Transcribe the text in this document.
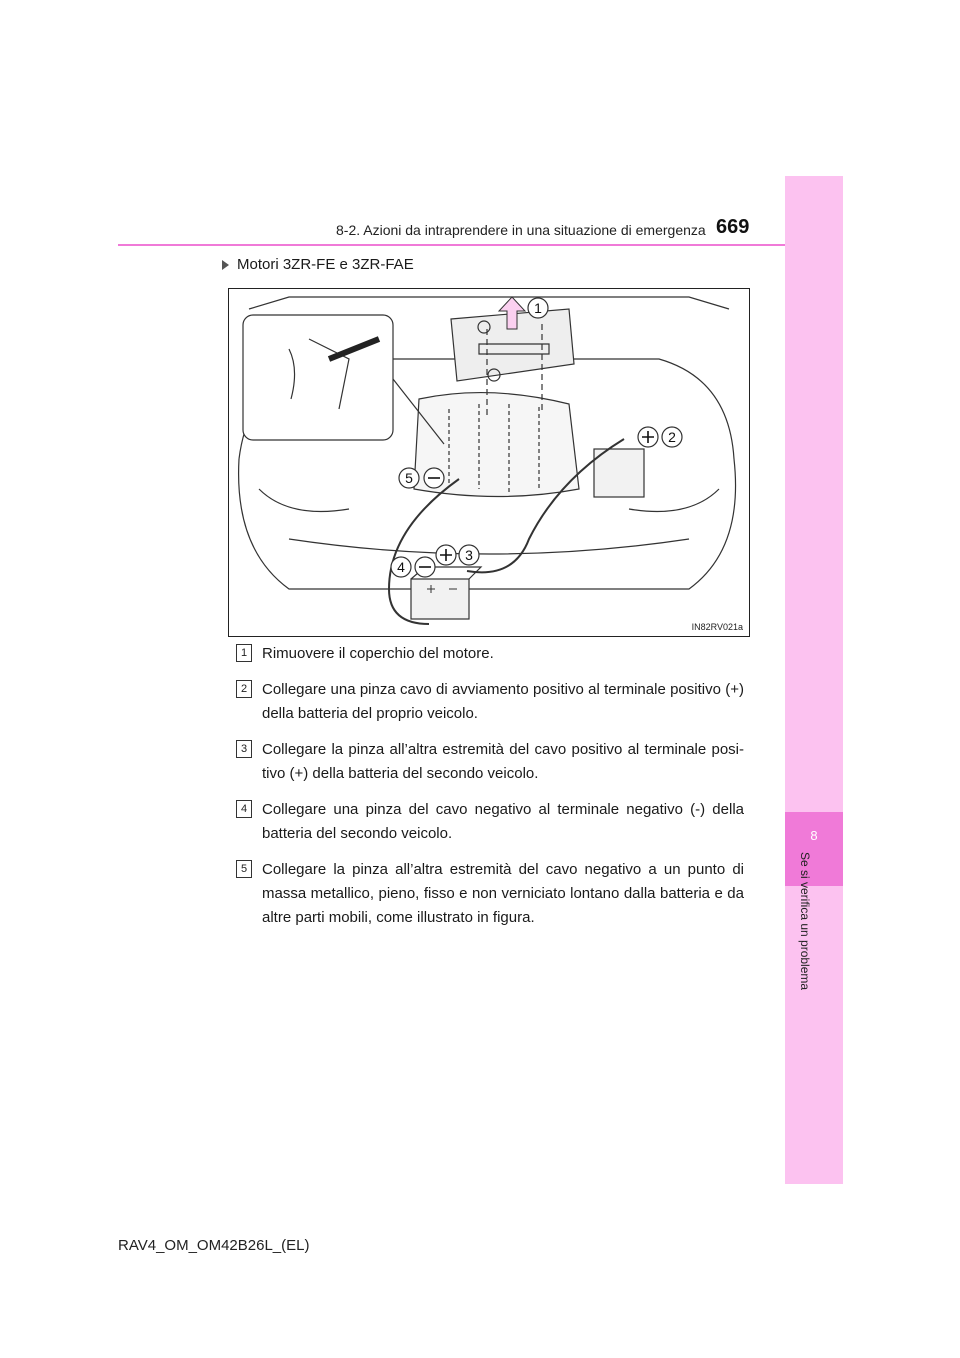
8
Se si verifica un problema
8-2. Azioni da intraprendere in una situazione di emergenza 669
Motori 3ZR-FE e 3ZR-FAE
1
2
3
4
5
IN82RV021a
1 Rimuovere il coperchio del motore.
2 Collegare una pinza cavo di avviamento positivo al terminale positivo (+) della batteria del proprio veicolo.
3 Collegare la pinza all’altra estremità del cavo positivo al terminale positivo (+) della batteria del secondo veicolo.
4 Collegare una pinza del cavo negativo al terminale negativo (-) della batteria del secondo veicolo.
5 Collegare la pinza all’altra estremità del cavo negativo a un punto di massa metallico, pieno, fisso e non verniciato lontano dalla batteria e da altre parti mobili, come illustrato in figura.
RAV4_OM_OM42B26L_(EL)
